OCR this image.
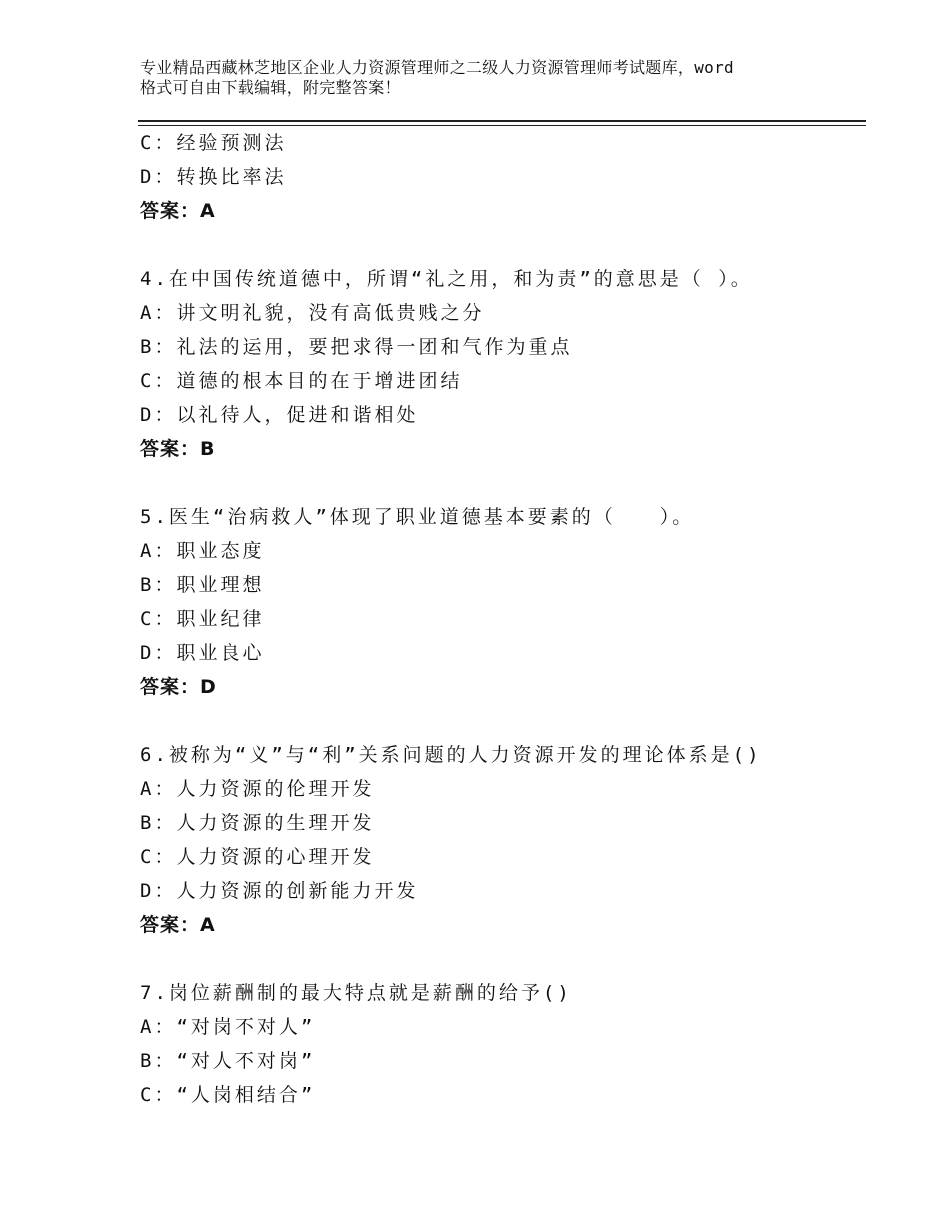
专业精品西藏林芝地区企业人力资源管理师之二级人力资源管理师考试题库，word
格式可自由下载编辑，附完整答案！
C：经验预测法
D：转换比率法
答案：A
4.在中国传统道德中，所谓“礼之用，和为责”的意思是（ ）。
A：讲文明礼貌，没有高低贵贱之分
B：礼法的运用，要把求得一团和气作为重点
C：道德的根本目的在于增进团结
D：以礼待人，促进和谐相处
答案：B
5.医生“治病救人”体现了职业道德基本要素的（　　）。
A：职业态度
B：职业理想
C：职业纪律
D：职业良心
答案：D
6.被称为“义”与“利”关系问题的人力资源开发的理论体系是()
A：人力资源的伦理开发
B：人力资源的生理开发
C：人力资源的心理开发
D：人力资源的创新能力开发
答案：A
7.岗位薪酬制的最大特点就是薪酬的给予()
A：“对岗不对人”
B：“对人不对岗”
C：“人岗相结合”
